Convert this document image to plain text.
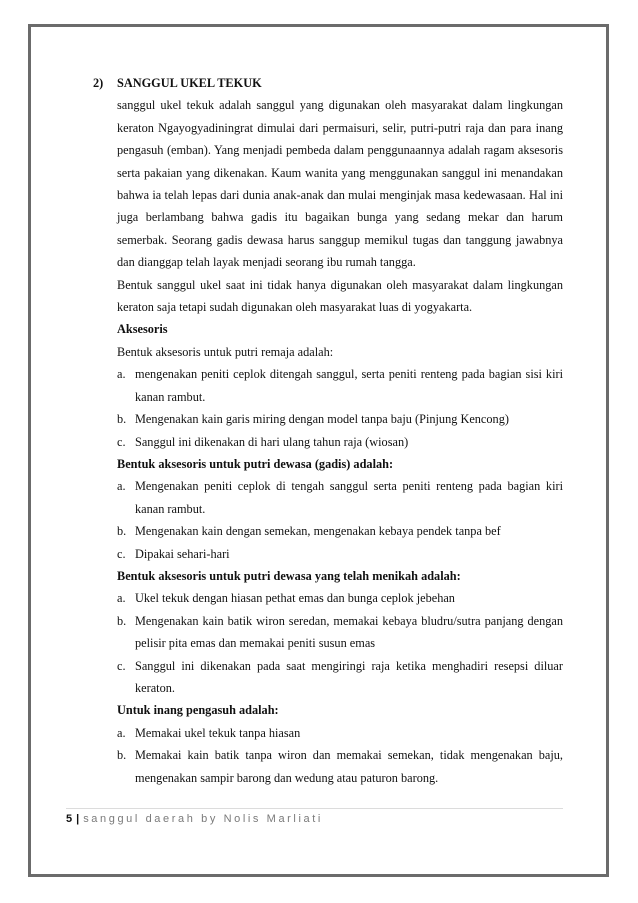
2)	SANGGUL UKEL TEKUK

sanggul ukel tekuk adalah sanggul yang digunakan oleh masyarakat dalam lingkungan keraton Ngayogyadiningrat dimulai dari permaisuri, selir, putri-putri raja dan para inang pengasuh (emban). Yang menjadi pembeda dalam penggunaannya adalah ragam aksesoris serta pakaian yang dikenakan. Kaum wanita yang menggunakan sanggul ini menandakan bahwa ia telah lepas dari dunia anak-anak dan mulai menginjak masa kedewasaan. Hal ini juga berlambang bahwa gadis itu bagaikan bunga yang sedang mekar dan harum semerbak. Seorang gadis dewasa harus sanggup memikul tugas dan tanggung jawabnya dan dianggap telah layak menjadi seorang ibu rumah tangga.

Bentuk sanggul ukel saat ini tidak hanya digunakan oleh masyarakat dalam lingkungan keraton saja tetapi sudah digunakan oleh masyarakat luas di yogyakarta.

Aksesoris

Bentuk aksesoris untuk putri remaja adalah:

a. mengenakan peniti ceplok ditengah sanggul, serta peniti renteng pada bagian sisi kiri kanan rambut.
b. Mengenakan kain garis miring dengan model tanpa baju (Pinjung Kencong)
c. Sanggul ini dikenakan di hari ulang tahun raja (wiosan)

Bentuk aksesoris untuk putri dewasa (gadis) adalah:

a. Mengenakan peniti ceplok di tengah sanggul serta peniti renteng pada bagian kiri kanan rambut.
b. Mengenakan kain dengan semekan, mengenakan kebaya pendek tanpa bef
c. Dipakai sehari-hari

Bentuk aksesoris untuk putri dewasa yang telah menikah adalah:

a. Ukel tekuk dengan hiasan pethat emas dan bunga ceplok jebehan
b. Mengenakan kain batik wiron seredan, memakai kebaya bludru/sutra panjang dengan pelisir pita emas dan memakai peniti susun emas
c. Sanggul ini dikenakan pada saat mengiringi raja ketika menghadiri resepsi diluar keraton.

Untuk inang pengasuh adalah:

a. Memakai ukel tekuk tanpa hiasan
b. Memakai kain batik tanpa wiron dan memakai semekan, tidak mengenakan baju, mengenakan sampir barong dan wedung atau paturon barong.
5 | sanggul daerah by Nolis Marliati
